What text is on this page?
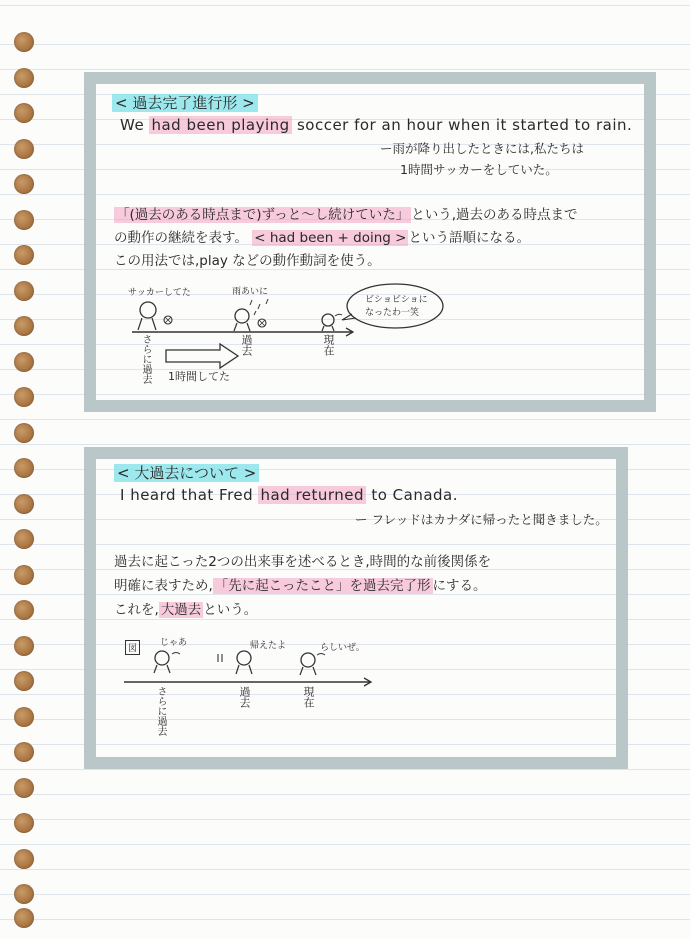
< 過去完了進行形 >
We had been playing soccer for an hour when it started to rain.
ー雨が降り出したときには,私たちは
1時間サッカーをしていた。
「(過去のある時点まで)ずっと〜し続けていた」 という,過去のある時点まで
の動作の継続を表す。 < had been + doing > という語順になる。
この用法では,play などの動作動詞を使う。
サッカーしてた	雨あいに
ビショビショに
なったわ一笑
さらに過去	過去	現在
1時間してた
< 大過去について >
I heard that Fred had returned to Canada.
ー フレッドはカナダに帰ったと聞きました。
過去に起こった2つの出来事を述べるとき,時間的な前後関係を
明確に表すため, 「先に起こったこと」を過去完了形 にする。
これを, 大過去 という。
図
じゃあ	帰えたよ	らしいぜ。
さらに過去	過去	現在
